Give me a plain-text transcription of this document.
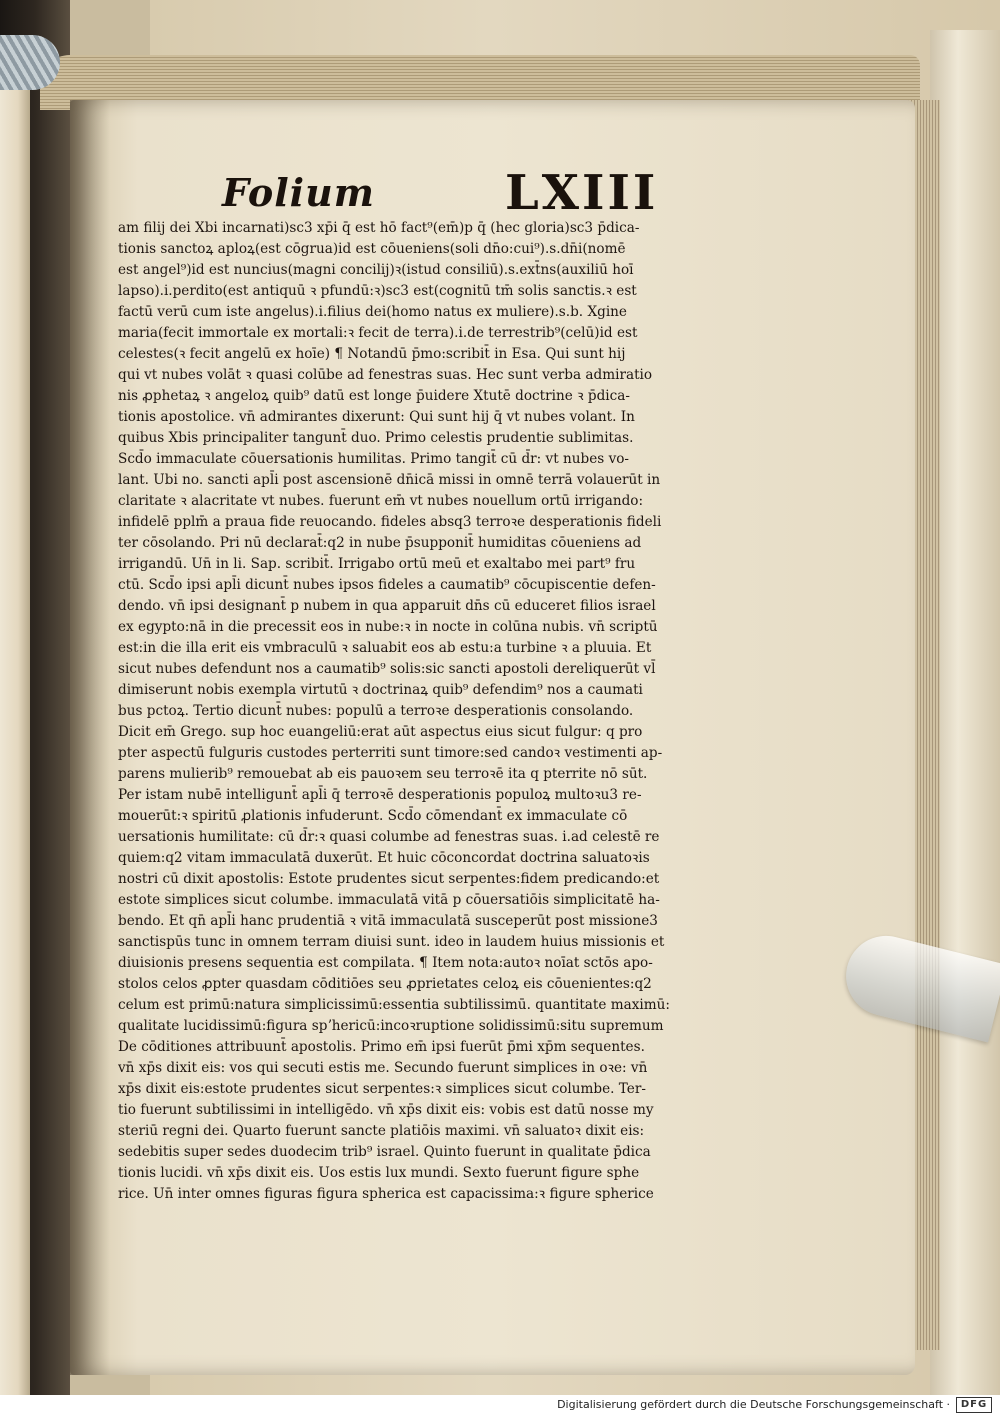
Folium	LXIII
am filij dei Xbi incarnati)sc3 xp̄i q̄ est hō fact⁹(em̄)p q̄ (hec gloria)sc3 p̄dica-
tionis sanctoꝝ aploꝝ(est cōgrua)id est cōueniens(soli dn̄o:cui⁹).s.dn̄i(nomē
est angel⁹)id est nuncius(magni concilij)ꝛ(istud consiliū).s.ext̄ns(auxiliū hoī
lapso).i.perdito(est antiquū ꝛ pfundū:ꝛ)sc3 est(cognitū tm̄ solis sanctis.ꝛ est
factū verū cum iste angelus).i.filius dei(homo natus ex muliere).s.b. Xgine
maria(fecit immortale ex mortali:ꝛ fecit de terra).i.de terrestrib⁹(celū)id est
celestes(ꝛ fecit angelū ex hoīe) ¶ Notandū p̄mo:scribit̄ in Esa. Qui sunt hij
qui vt nubes volāt ꝛ quasi colūbe ad fenestras suas. Hec sunt verba admiratio
nis ꝓphetaꝝ ꝛ angeloꝝ quib⁹ datū est longe p̄uidere Xtutē doctrine ꝛ p̄dica-
tionis apostolice. vn̄ admirantes dixerunt: Qui sunt hij q̄ vt nubes volant. In
quibus Xbis principaliter tangunt̄ duo. Primo celestis prudentie sublimitas.
Scd̄o immaculate cōuersationis humilitas. Primo tangit̄ cū d̄r: vt nubes vo-
lant. Ubi no. sancti apl̄i post ascensionē dn̄icā missi in omnē terrā volauerūt in
claritate ꝛ alacritate vt nubes. fuerunt em̄ vt nubes nouellum ortū irrigando:
infidelē pplm̄ a praua fide reuocando. fideles absq3 terroꝛe desperationis fideli
ter cōsolando. Pri nū declarat̄:q2 in nube p̄supponit̄ humiditas cōueniens ad
irrigandū. Un̄ in li. Sap. scribit̄. Irrigabo ortū meū et exaltabo mei part⁹ fru
ctū. Scd̄o ipsi apl̄i dicunt̄ nubes ipsos fideles a caumatib⁹ cōcupiscentie defen-
dendo. vn̄ ipsi designant̄ p nubem in qua apparuit dn̄s cū educeret filios israel
ex egypto:nā in die precessit eos in nube:ꝛ in nocte in colūna nubis. vn̄ scriptū
est:in die illa erit eis vmbraculū ꝛ saluabit eos ab estu:a turbine ꝛ a pluuia. Et
sicut nubes defendunt nos a caumatib⁹ solis:sic sancti apostoli dereliquerūt vl̄
dimiserunt nobis exempla virtutū ꝛ doctrinaꝝ quib⁹ defendim⁹ nos a caumati
bus pctoꝝ. Tertio dicunt̄ nubes: populū a terroꝛe desperationis consolando.
Dicit em̄ Grego. sup hoc euangeliū:erat aūt aspectus eius sicut fulgur: q pro
pter aspectū fulguris custodes perterriti sunt timore:sed candoꝛ vestimenti ap-
parens mulierib⁹ remouebat ab eis pauoꝛem seu terroꝛē ita q pterrite nō sūt.
Per istam nubē intelligunt̄ apl̄i q̄ terroꝛē desperationis populoꝝ multoꝛu3 re-
mouerūt:ꝛ spiritū ꝓlationis infuderunt. Scd̄o cōmendant̄ ex immaculate cō
uersationis humilitate: cū d̄r:ꝛ quasi columbe ad fenestras suas. i.ad celestē re
quiem:q2 vitam immaculatā duxerūt. Et huic cōconcordat doctrina saluatoꝛis
nostri cū dixit apostolis: Estote prudentes sicut serpentes:fidem predicando:et
estote simplices sicut columbe. immaculatā vitā p cōuersatiōis simplicitatē ha-
bendo. Et qn̄ apl̄i hanc prudentiā ꝛ vitā immaculatā susceperūt post missione3
sanctispūs tunc in omnem terram diuisi sunt. ideo in laudem huius missionis et
diuisionis presens sequentia est compilata. ¶ Item nota:autoꝛ noīat sctōs apo-
stolos celos ꝓpter quasdam cōditiōes seu ꝓprietates celoꝝ eis cōuenientes:q2
celum est primū:natura simplicissimū:essentia subtilissimū. quantitate maximū:
qualitate lucidissimū:figura spʼhericū:incoꝛruptione solidissimū:situ supremum
De cōditiones attribuunt̄ apostolis. Primo em̄ ipsi fuerūt p̄mi xp̄m sequentes.
vn̄ xp̄s dixit eis: vos qui secuti estis me. Secundo fuerunt simplices in oꝛe: vn̄
xp̄s dixit eis:estote prudentes sicut serpentes:ꝛ simplices sicut columbe. Ter-
tio fuerunt subtilissimi in intelligēdo. vn̄ xp̄s dixit eis: vobis est datū nosse my
steriū regni dei. Quarto fuerunt sancte platiōis maximi. vn̄ saluatoꝛ dixit eis:
sedebitis super sedes duodecim trib⁹ israel. Quinto fuerunt in qualitate p̄dica
tionis lucidi. vn̄ xp̄s dixit eis. Uos estis lux mundi. Sexto fuerunt figure sphe
rice. Un̄ inter omnes figuras figura spherica est capacissima:ꝛ figure spherice
Digitalisierung gefördert durch die Deutsche Forschungsgemeinschaft ·	DFG
